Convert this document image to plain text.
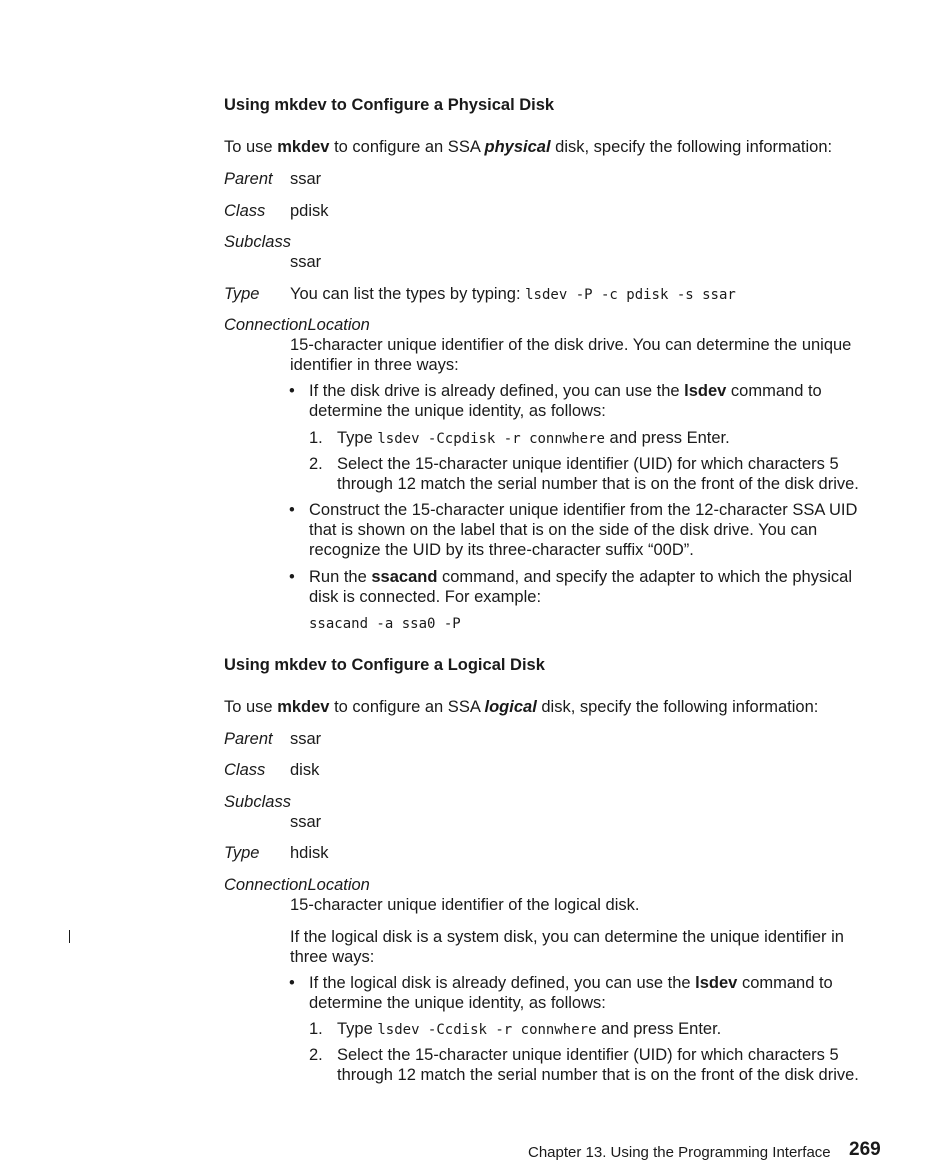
Using mkdev to Configure a Physical Disk
To use mkdev to configure an SSA physical disk, specify the following information:
Parent ssar
Class pdisk
Subclass
ssar
Type You can list the types by typing: lsdev -P -c pdisk -s ssar
ConnectionLocation
15-character unique identifier of the disk drive. You can determine the unique
identifier in three ways:
• If the disk drive is already defined, you can use the lsdev command to
determine the unique identity, as follows:
1. Type lsdev -Ccpdisk -r connwhere and press Enter.
2. Select the 15-character unique identifier (UID) for which characters 5
through 12 match the serial number that is on the front of the disk drive.
• Construct the 15-character unique identifier from the 12-character SSA UID
that is shown on the label that is on the side of the disk drive. You can
recognize the UID by its three-character suffix “00D”.
• Run the ssacand command, and specify the adapter to which the physical
disk is connected. For example:
ssacand -a ssa0 -P
Using mkdev to Configure a Logical Disk
To use mkdev to configure an SSA logical disk, specify the following information:
Parent ssar
Class disk
Subclass
ssar
Type hdisk
ConnectionLocation
15-character unique identifier of the logical disk.
If the logical disk is a system disk, you can determine the unique identifier in
three ways:
• If the logical disk is already defined, you can use the lsdev command to
determine the unique identity, as follows:
1. Type lsdev -Ccdisk -r connwhere and press Enter.
2. Select the 15-character unique identifier (UID) for which characters 5
through 12 match the serial number that is on the front of the disk drive.
Chapter 13. Using the Programming Interface 269
